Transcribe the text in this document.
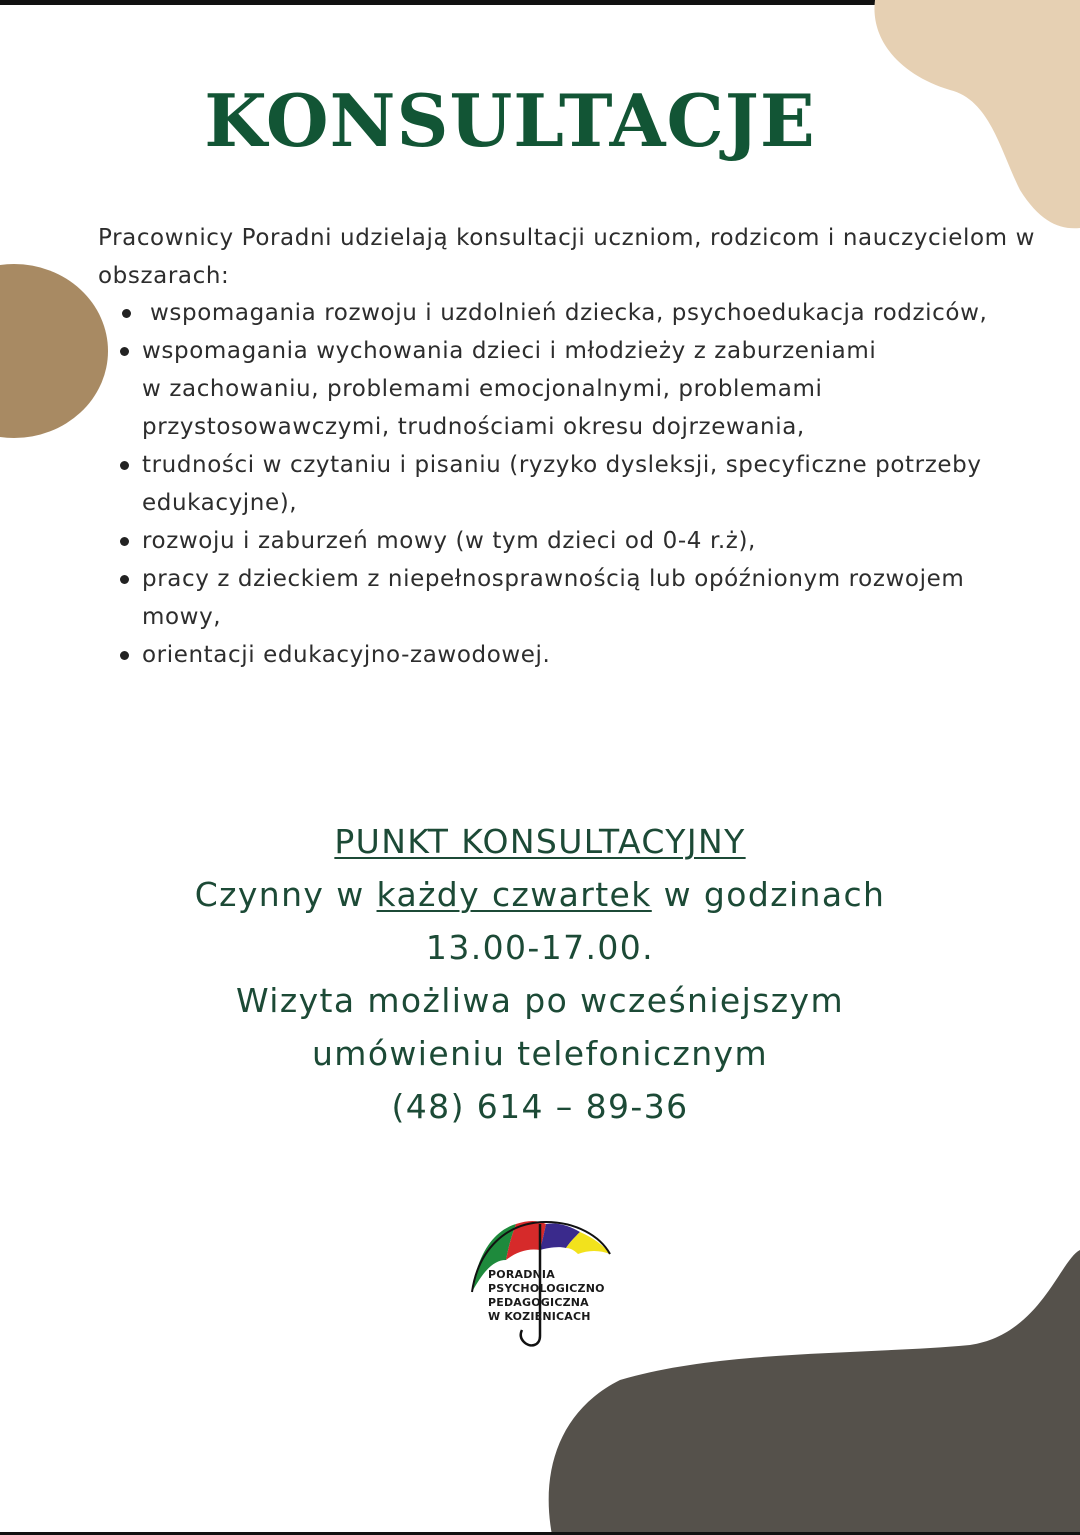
KONSULTACJE

Pracownicy Poradni udzielają konsultacji uczniom, rodzicom i nauczycielom w obszarach:

wspomagania rozwoju i uzdolnień dziecka, psychoedukacja rodziców,
wspomagania wychowania dzieci i młodzieży z zaburzeniami
w zachowaniu, problemami emocjonalnymi, problemami
przystosowawczymi, trudnościami okresu dojrzewania,
trudności w czytaniu i pisaniu (ryzyko dysleksji, specyficzne potrzeby
edukacyjne),
rozwoju i zaburzeń mowy (w tym dzieci od 0-4 r.ż),
pracy z dzieckiem z niepełnosprawnością lub opóźnionym rozwojem
mowy,
orientacji edukacyjno-zawodowej.
PUNKT KONSULTACYJNY
Czynny w każdy czwartek w godzinach
13.00-17.00.
Wizyta możliwa po wcześniejszym
umówieniu telefonicznym
(48) 614 – 89-36
PORADNIA
PSYCHOLOGICZNO
PEDAGOGICZNA
W KOZIENICACH
